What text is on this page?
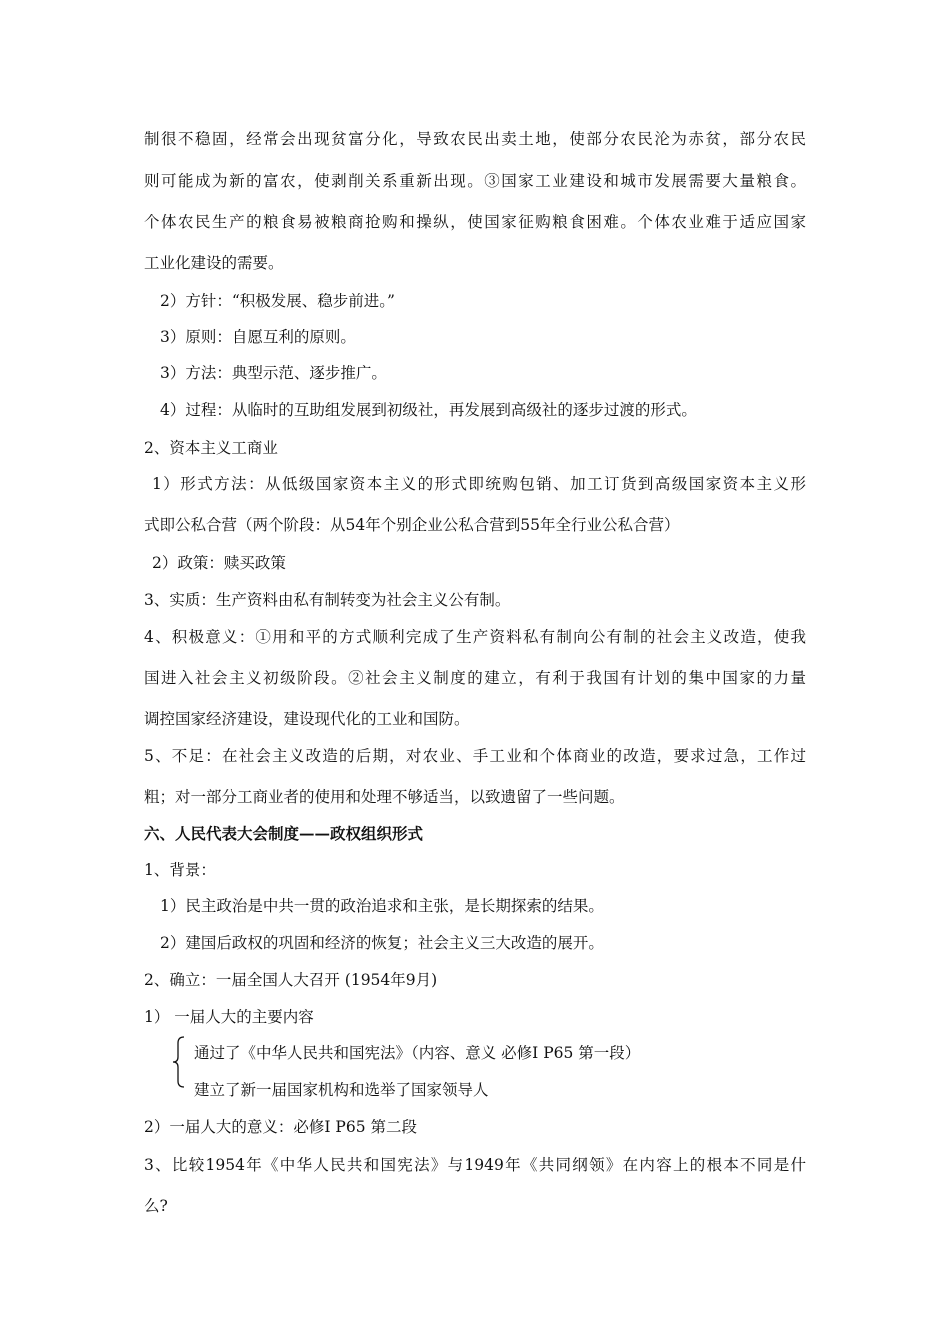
制很不稳固，经常会出现贫富分化，导致农民出卖土地，使部分农民沦为赤贫，部分农民
则可能成为新的富农，使剥削关系重新出现。③国家工业建设和城市发展需要大量粮食。
个体农民生产的粮食易被粮商抢购和操纵，使国家征购粮食困难。个体农业难于适应国家
工业化建设的需要。
2）方针：“积极发展、稳步前进。”
3）原则：自愿互利的原则。
3）方法：典型示范、逐步推广。
4）过程：从临时的互助组发展到初级社，再发展到高级社的逐步过渡的形式。
2、资本主义工商业
1）形式方法：从低级国家资本主义的形式即统购包销、加工订货到高级国家资本主义形
式即公私合营（两个阶段：从54年个别企业公私合营到55年全行业公私合营）
2）政策：赎买政策
3、实质：生产资料由私有制转变为社会主义公有制。
4、积极意义：①用和平的方式顺利完成了生产资料私有制向公有制的社会主义改造，使我
国进入社会主义初级阶段。②社会主义制度的建立，有利于我国有计划的集中国家的力量
调控国家经济建设，建设现代化的工业和国防。
5、不足：在社会主义改造的后期，对农业、手工业和个体商业的改造，要求过急，工作过
粗；对一部分工商业者的使用和处理不够适当，以致遗留了一些问题。
六、人民代表大会制度——政权组织形式
1、背景：
1）民主政治是中共一贯的政治追求和主张，是长期探索的结果。
2）建国后政权的巩固和经济的恢复；社会主义三大改造的展开。
2、确立：一届全国人大召开 (1954年9月)
1） 一届人大的主要内容
通过了《中华人民共和国宪法》（内容、意义 必修Ⅰ P65 第一段）
建立了新一届国家机构和选举了国家领导人
2）一届人大的意义：必修Ⅰ P65 第二段
3、比较1954年《中华人民共和国宪法》与1949年《共同纲领》在内容上的根本不同是什
么?
